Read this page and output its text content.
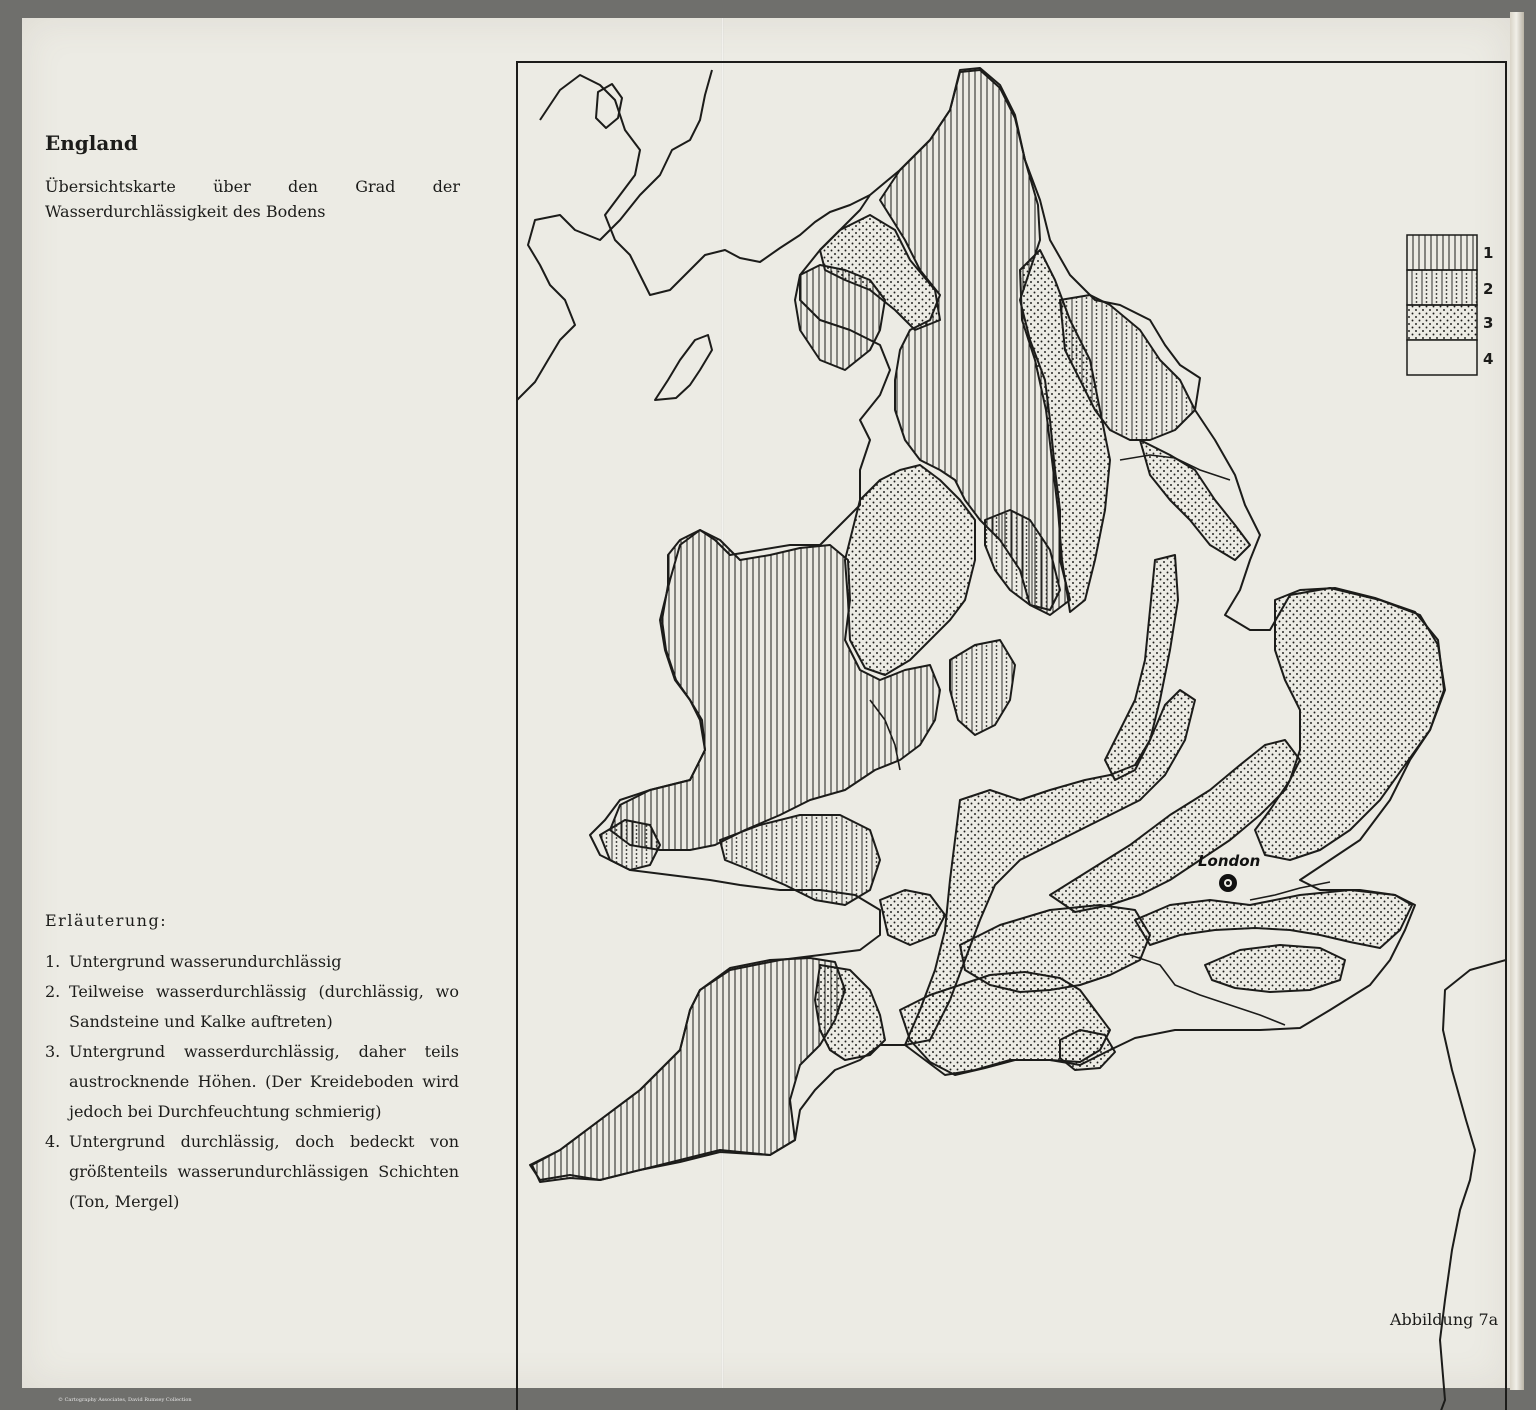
England

Übersichtskarte über den Grad der Wasserdurchlässigkeit des Bodens

Erläuterung:

1. Untergrund wasserundurchlässig
2. Teilweise wasserdurchlässig (durchlässig, wo Sandsteine und Kalke auftreten)
3. Untergrund wasserdurchlässig, daher teils austrocknende Höhen. (Der Kreideboden wird jedoch bei Durchfeuchtung schmierig)
4. Untergrund durchlässig, doch bedeckt von größtenteils wasserundurchlässigen Schichten (Ton, Mergel)

Abbildung 7a

© Cartography Associates, David Rumsey Collection

London
1
2
3
4
